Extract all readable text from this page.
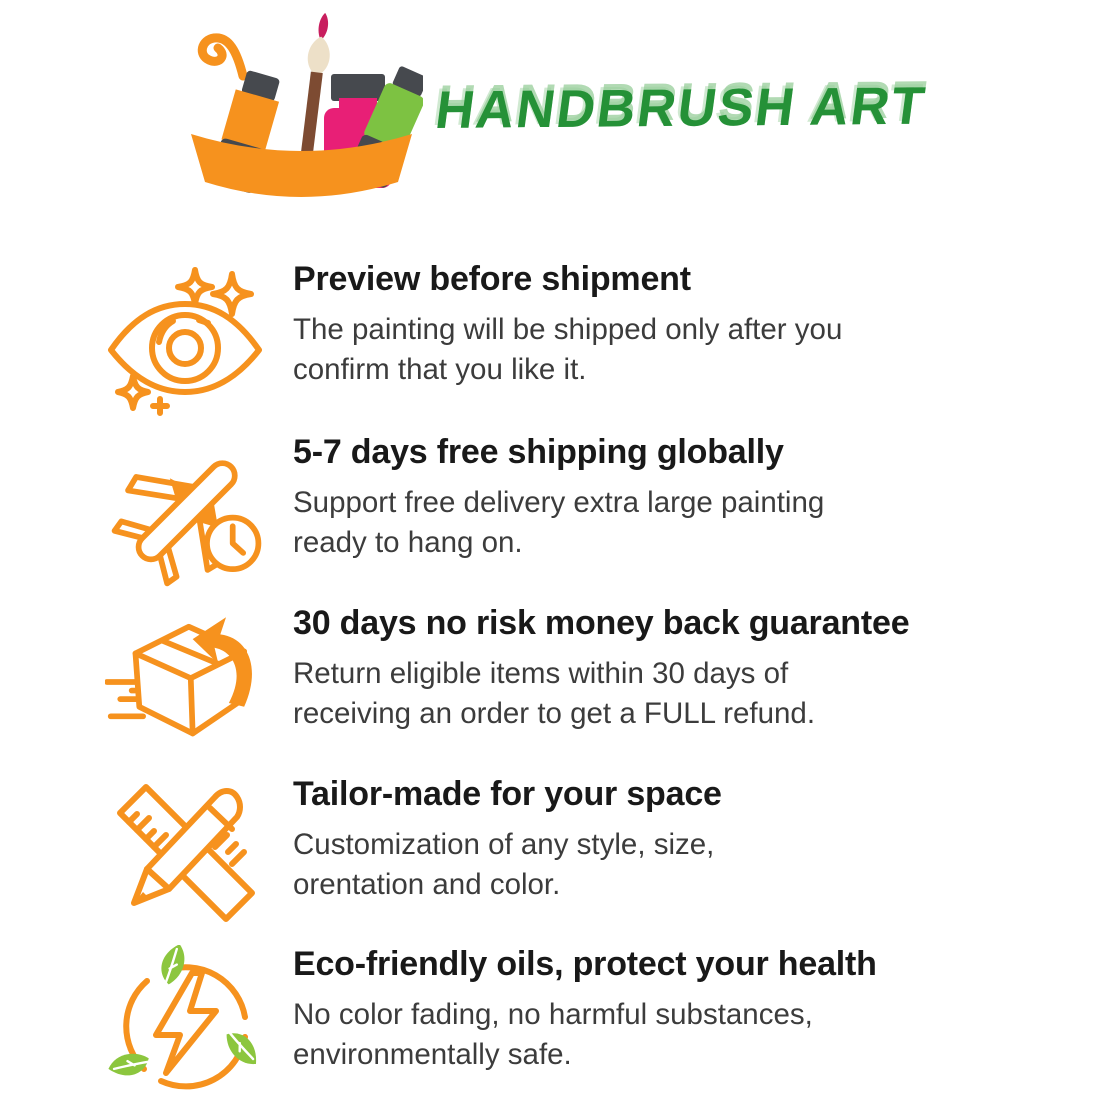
HANDBRUSH ART
Preview before shipment
The painting will be shipped only after you
confirm that you like it.
5-7 days free shipping globally
Support free delivery extra large painting
ready to hang on.
30 days no risk money back guarantee
Return eligible items within 30 days of
receiving an order to get a FULL refund.
Tailor-made for your space
Customization of any style, size,
orentation and color.
Eco-friendly oils, protect your health
No color fading, no harmful substances,
environmentally safe.
